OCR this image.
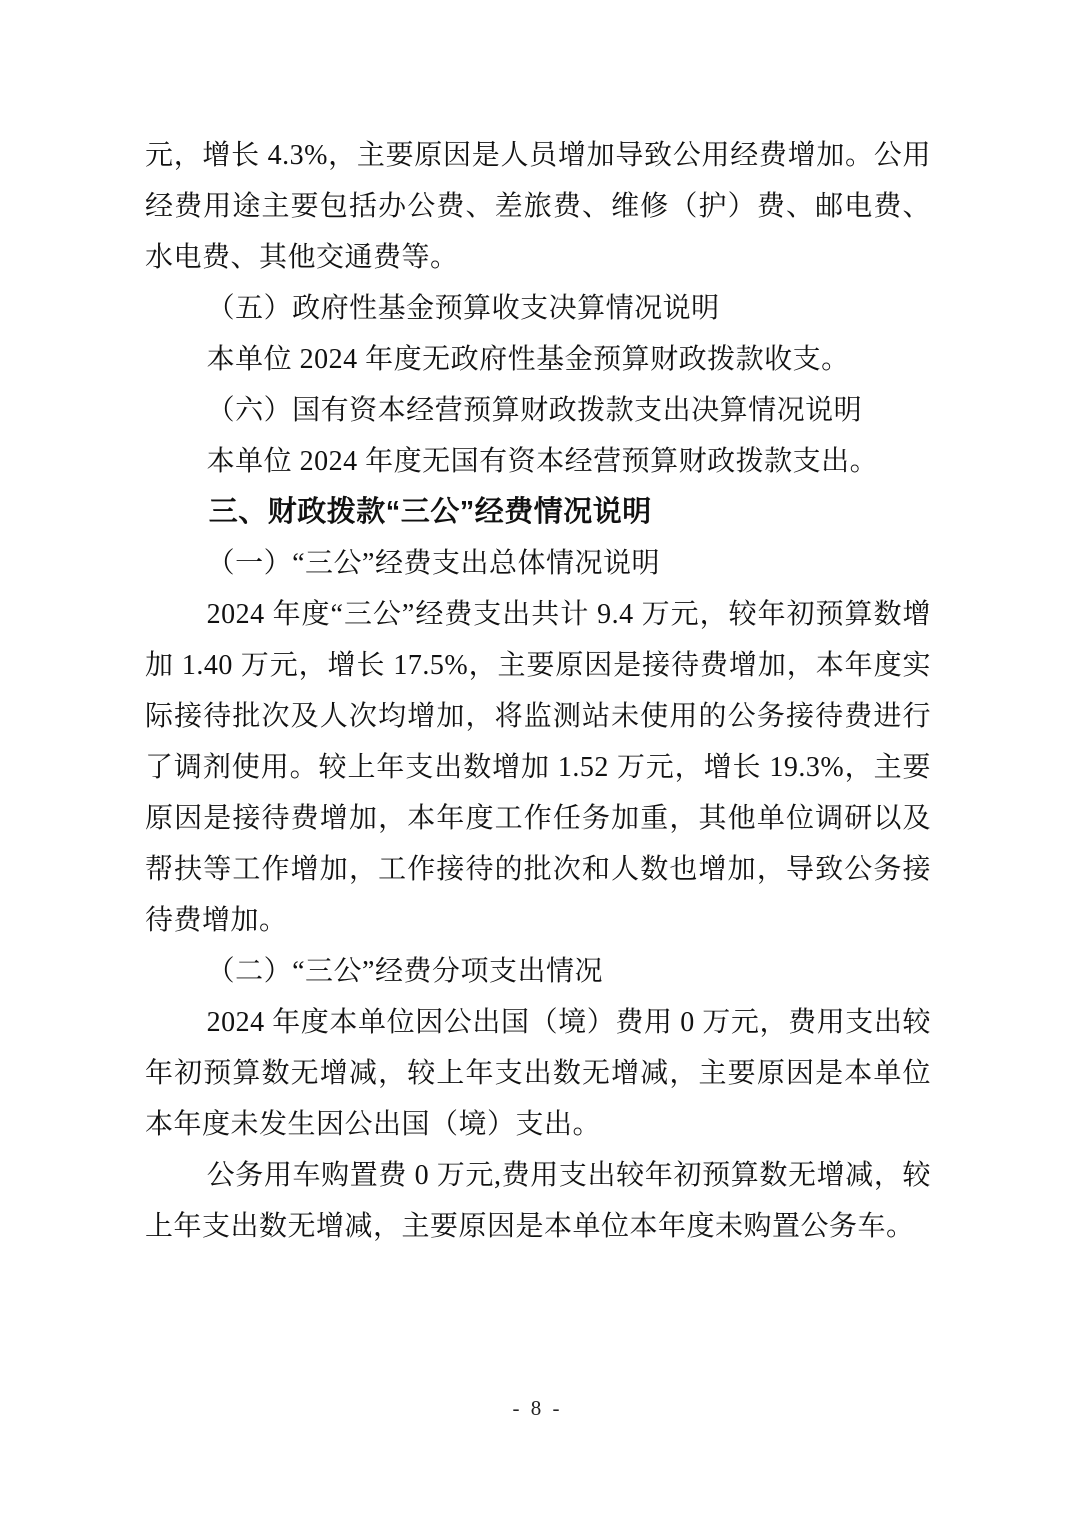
元，增长 4.3%，主要原因是人员增加导致公用经费增加。公用经费用途主要包括办公费、差旅费、维修（护）费、邮电费、水电费、其他交通费等。

（五）政府性基金预算收支决算情况说明

本单位 2024 年度无政府性基金预算财政拨款收支。

（六）国有资本经营预算财政拨款支出决算情况说明

本单位 2024 年度无国有资本经营预算财政拨款支出。

三、财政拨款“三公”经费情况说明

（一）“三公”经费支出总体情况说明

2024 年度“三公”经费支出共计 9.4 万元，较年初预算数增加 1.40 万元，增长 17.5%，主要原因是接待费增加，本年度实际接待批次及人次均增加，将监测站未使用的公务接待费进行了调剂使用。较上年支出数增加 1.52 万元，增长 19.3%，主要原因是接待费增加，本年度工作任务加重，其他单位调研以及帮扶等工作增加，工作接待的批次和人数也增加，导致公务接待费增加。

（二）“三公”经费分项支出情况

2024 年度本单位因公出国（境）费用 0 万元，费用支出较年初预算数无增减，较上年支出数无增减，主要原因是本单位本年度未发生因公出国（境）支出。

公务用车购置费 0 万元,费用支出较年初预算数无增减，较上年支出数无增减，主要原因是本单位本年度未购置公务车。

- 8 -
